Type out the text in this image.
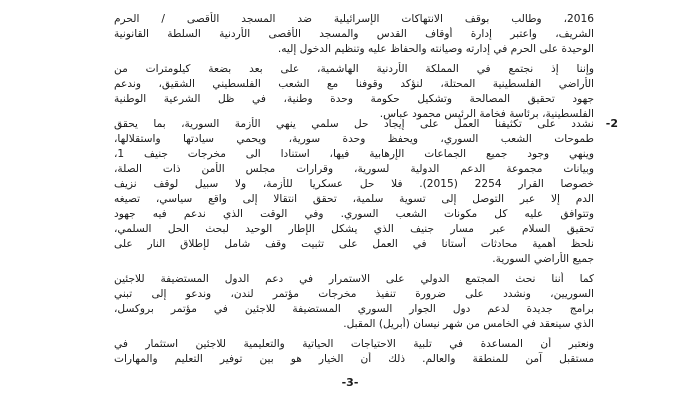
2016، وطالب بوقف الانتهاكات الإسرائيلية ضد المسجد الأقصى / الحرم
الشريف، واعتبر إدارة أوقاف القدس والمسجد الأقصى الأردنية السلطة القانونية
الوحيدة على الحرم في إدارته وصيانته والحفاظ عليه وتنظيم الدخول إليه.
وإننا إذ نجتمع في المملكة الأردنية الهاشمية، على بعد بضعة كيلومترات من
الأراضي الفلسطينية المحتلة، لنؤكد وقوفنا مع الشعب الفلسطيني الشقيق، وندعم
جهود تحقيق المصالحة وتشكيل حكومة وحدة وطنية، في ظل الشرعية الوطنية
الفلسطينية، برئاسة فخامة الرئيس محمود عباس.
-2
نشدد على تكثيفنا العمل على إيجاد حل سلمي ينهي الأزمة السورية، بما يحقق
طموحات الشعب السوري، ويحفظ وحدة سورية، ويحمي سيادتها واستقلالها،
وينهي وجود جميع الجماعات الإرهابية فيها، استنادا الى مخرجات جنيف 1،
وبيانات مجموعة الدعم الدولية لسورية، وقرارات مجلس الأمن ذات الصلة،
خصوصا القرار 2254 (2015). فلا حل عسكريا للأزمة، ولا سبيل لوقف نزيف
الدم إلا عبر التوصل إلى تسوية سلمية، تحقق انتقالا إلى واقع سياسي، تصيغه
وتتوافق عليه كل مكونات الشعب السوري. وفي الوقت الذي ندعم فيه جهود
تحقيق السلام عبر مسار جنيف الذي يشكل الإطار الوحيد لبحث الحل السلمي،
نلحظ أهمية محادثات أستانا في العمل على تثبيت وقف شامل لإطلاق النار على
جميع الأراضي السورية.
كما أننا نحث المجتمع الدولي على الاستمرار في دعم الدول المستضيفة للاجئين
السوريين، ونشدد على ضرورة تنفيذ مخرجات مؤتمر لندن، وندعو إلى تبني
برامج جديدة لدعم دول الجوار السوري المستضيفة للاجئين في مؤتمر بروكسل،
الذي سينعقد في الخامس من شهر نيسان (أبريل) المقبل.
ونعتبر أن المساعدة في تلبية الاحتياجات الحياتية والتعليمية للاجئين استثمار في
مستقبل آمن للمنطقة والعالم. ذلك أن الخيار هو بين توفير التعليم والمهارات
-3-
